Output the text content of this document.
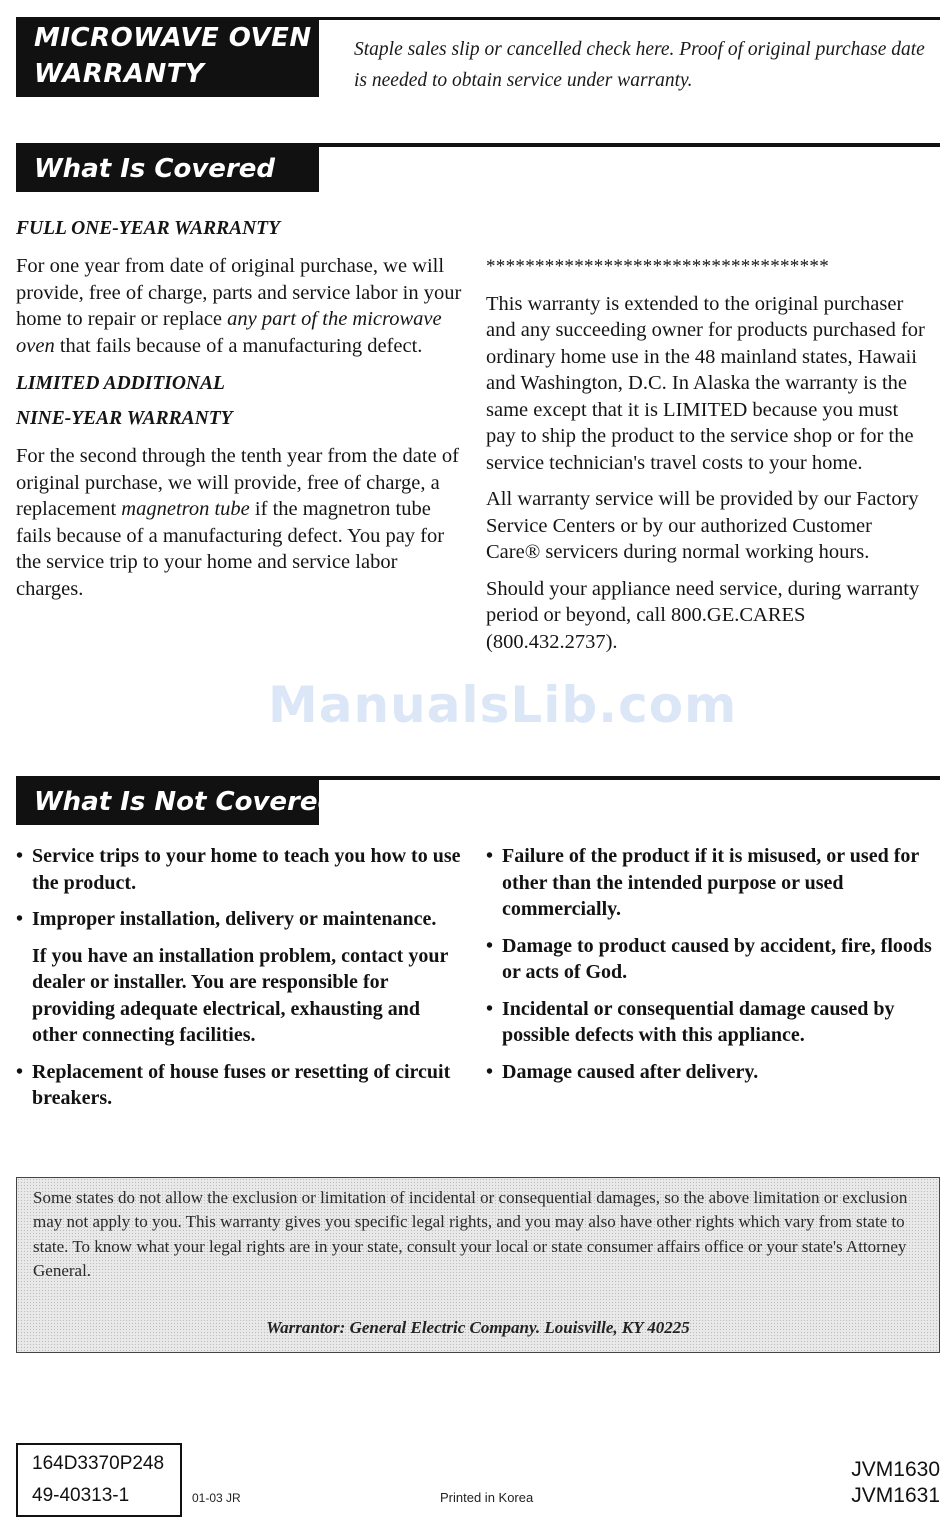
MICROWAVE OVEN
WARRANTY
Staple sales slip or cancelled check here. Proof of original purchase date is needed to obtain service under warranty.
What Is Covered

FULL ONE-YEAR WARRANTY

For one year from date of original purchase, we will provide, free of charge, parts and service labor in your home to repair or replace any part of the microwave oven that fails because of a manufacturing defect.

LIMITED ADDITIONAL

NINE-YEAR WARRANTY

For the second through the tenth year from the date of original purchase, we will provide, free of charge, a replacement magnetron tube if the magnetron tube fails because of a manufacturing defect. You pay for the service trip to your home and service labor charges.

***********************************

This warranty is extended to the original purchaser and any succeeding owner for products purchased for ordinary home use in the 48 mainland states, Hawaii and Washington, D.C. In Alaska the warranty is the same except that it is LIMITED because you must pay to ship the product to the service shop or for the service technician's travel costs to your home.

All warranty service will be provided by our Factory Service Centers or by our authorized Customer Care® servicers during normal working hours.

Should your appliance need service, during warranty period or beyond, call 800.GE.CARES (800.432.2737).

ManualsLib.com
What Is Not Covered
• Service trips to your home to teach you how to use the product.
• Improper installation, delivery or maintenance.
If you have an installation problem, contact your dealer or installer. You are responsible for providing adequate electrical, exhausting and other connecting facilities.
• Replacement of house fuses or resetting of circuit breakers.
• Failure of the product if it is misused, or used for other than the intended purpose or used commercially.
• Damage to product caused by accident, fire, floods or acts of God.
• Incidental or consequential damage caused by possible defects with this appliance.
• Damage caused after delivery.
Some states do not allow the exclusion or limitation of incidental or consequential damages, so the above limitation or exclusion may not apply to you. This warranty gives you specific legal rights, and you may also have other rights which vary from state to state. To know what your legal rights are in your state, consult your local or state consumer affairs office or your state's Attorney General.
Warrantor: General Electric Company. Louisville, KY 40225
164D3370P248
49-40313-1	01-03 JR	Printed in Korea
JVM1630
JVM1631
